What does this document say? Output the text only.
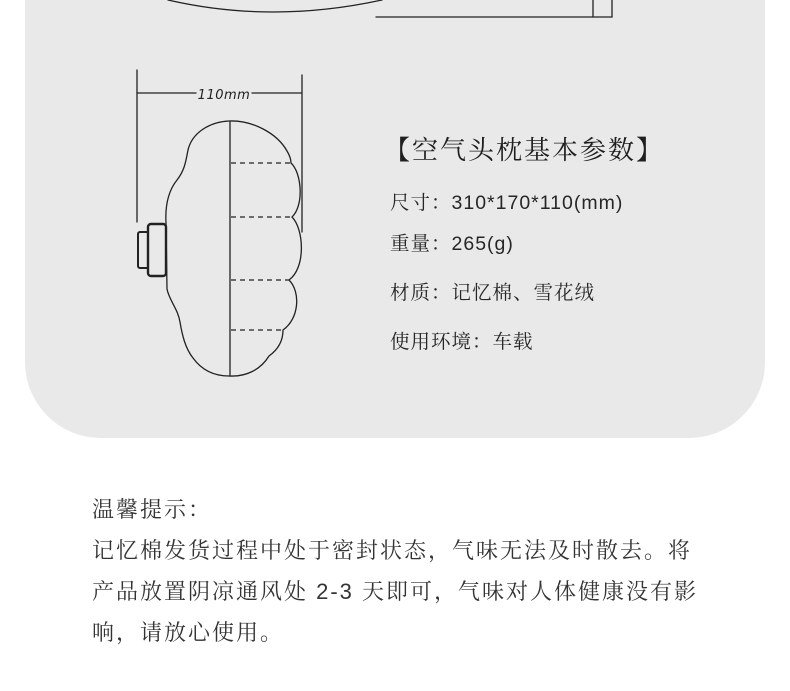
110mm
【空气头枕基本参数】
尺寸：310*170*110(mm)
重量：265(g)
材质：记忆棉、雪花绒
使用环境：车载
温馨提示：
记忆棉发货过程中处于密封状态，气味无法及时散去。将
产品放置阴凉通风处 2-3 天即可，气味对人体健康没有影
响，请放心使用。
